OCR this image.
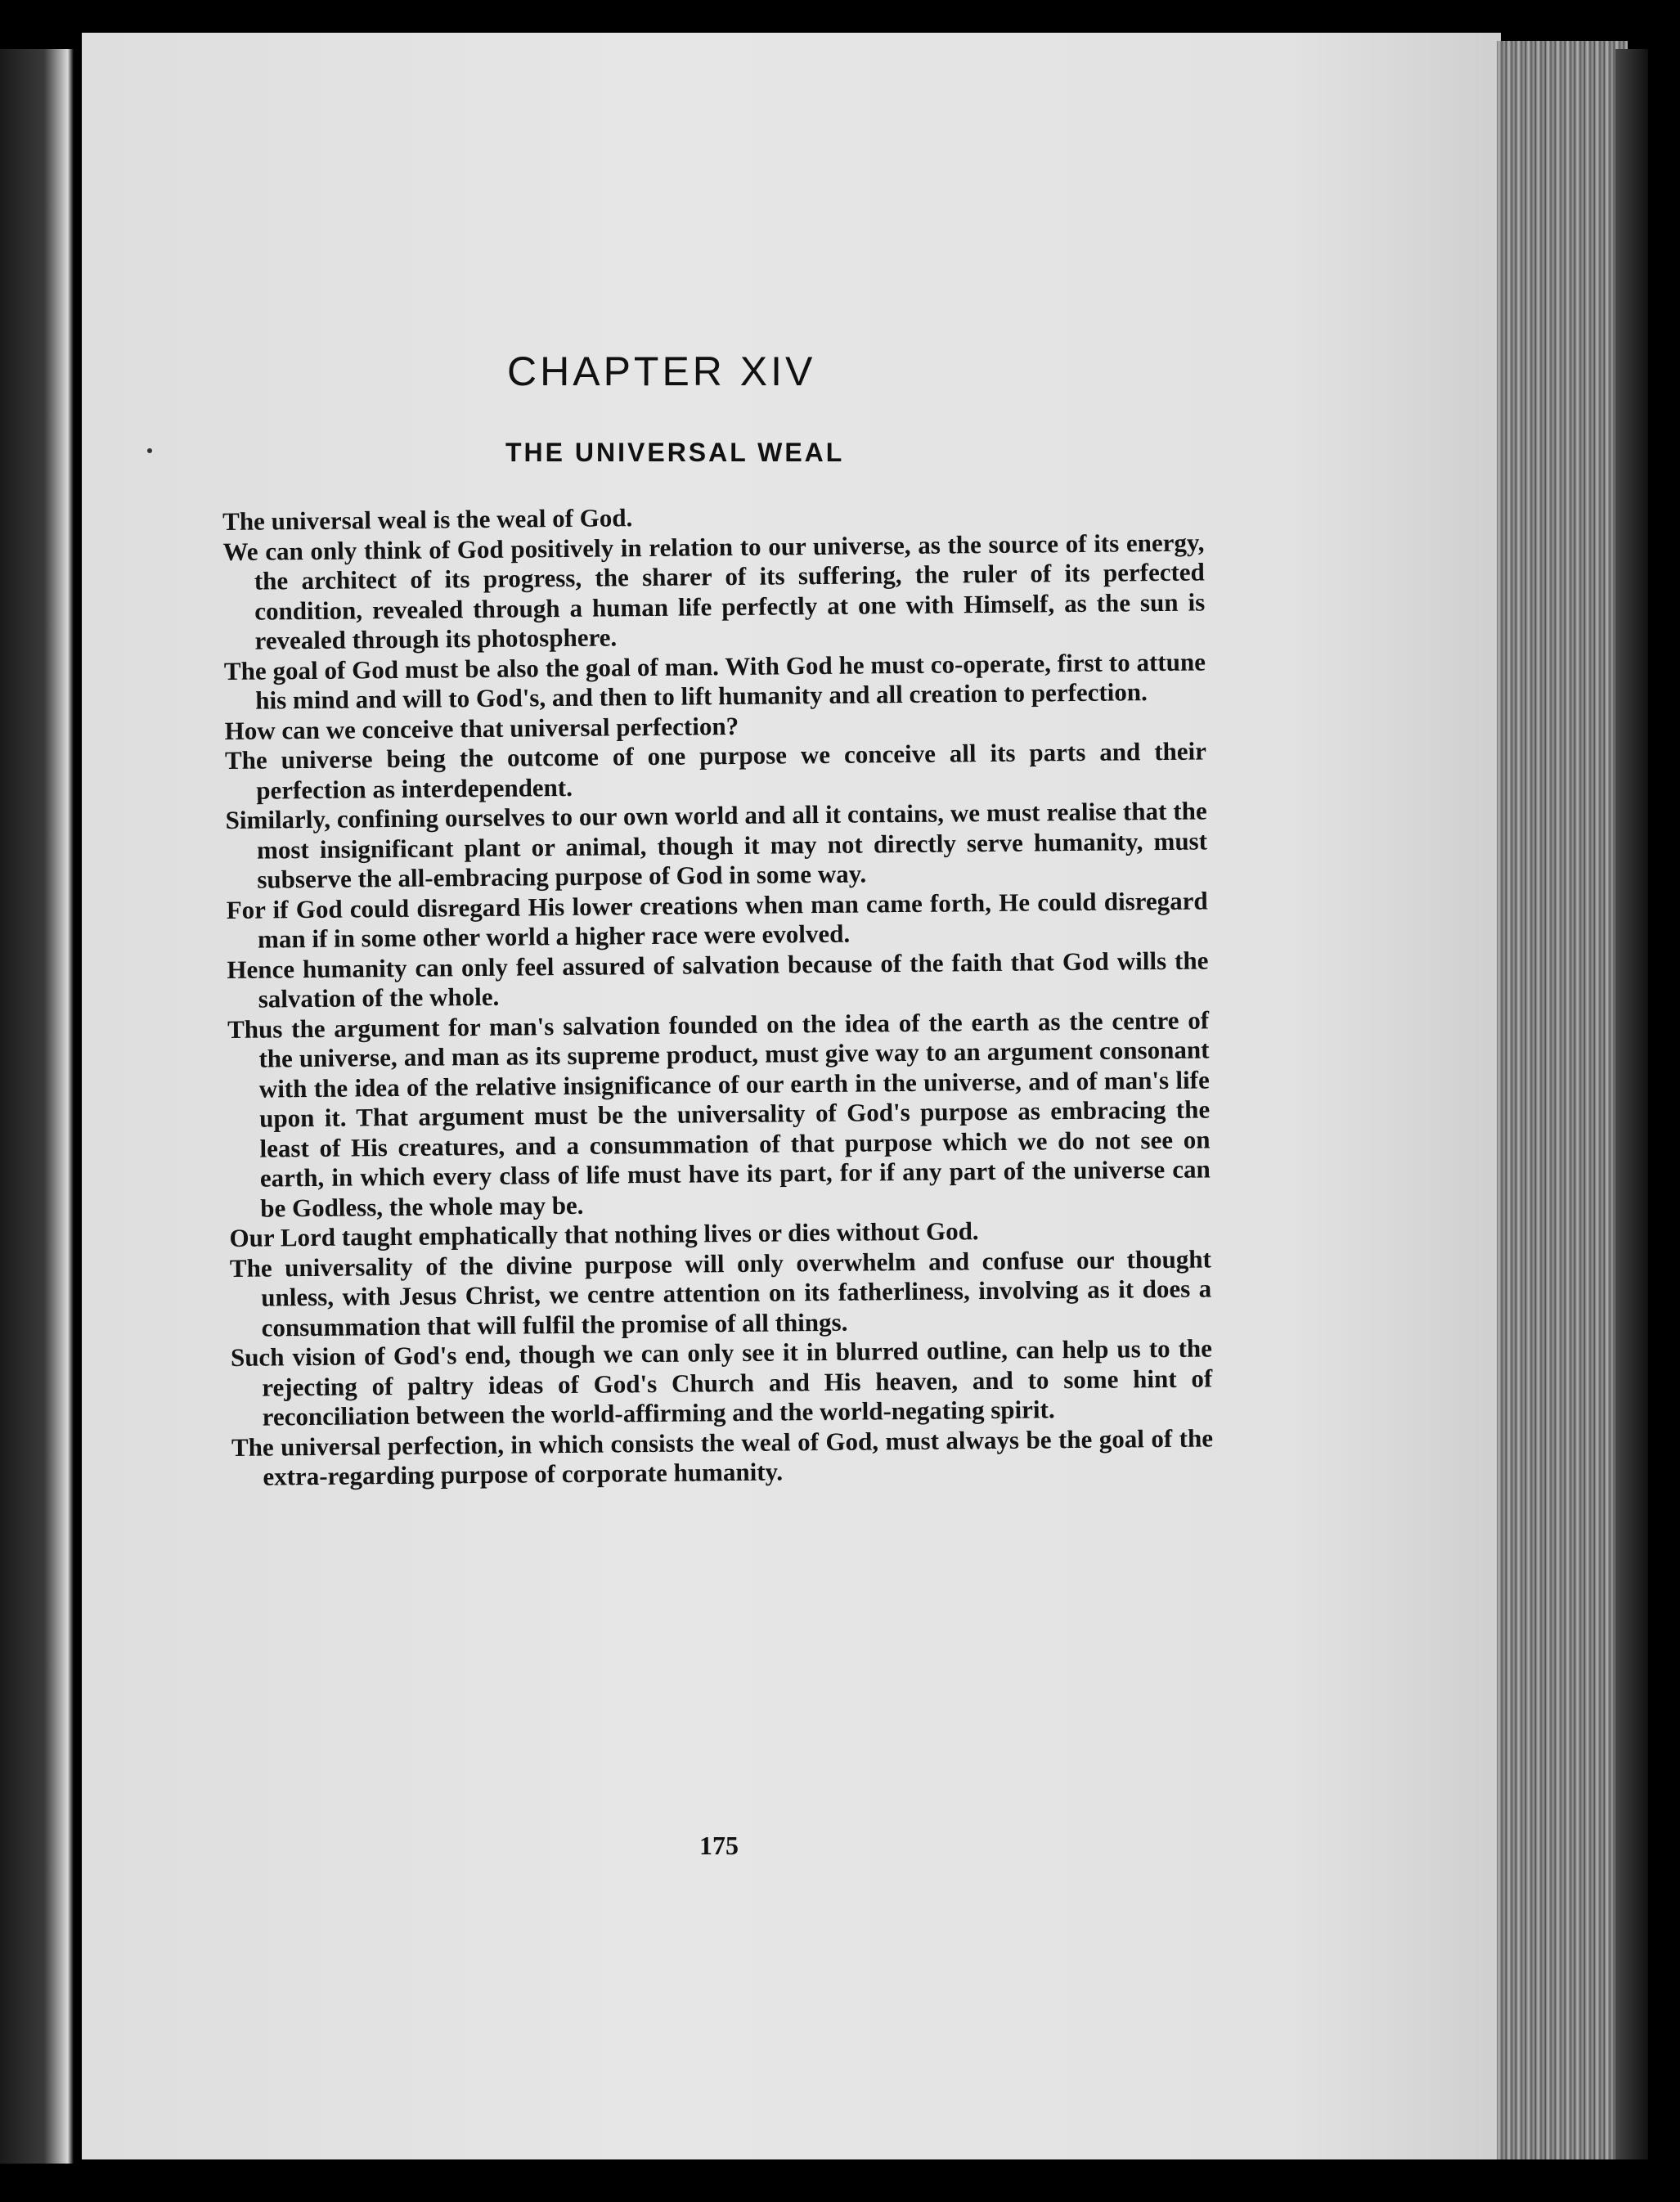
CHAPTER XIV
THE UNIVERSAL WEAL

The universal weal is the weal of God.

We can only think of God positively in relation to our universe, as the source of its energy, the architect of its progress, the sharer of its suffering, the ruler of its perfected condition, revealed through a human life perfectly at one with Himself, as the sun is revealed through its photosphere.

The goal of God must be also the goal of man. With God he must co-operate, first to attune his mind and will to God's, and then to lift humanity and all creation to perfection.

How can we conceive that universal perfection?

The universe being the outcome of one purpose we conceive all its parts and their perfection as interdependent.

Similarly, confining ourselves to our own world and all it contains, we must realise that the most insignificant plant or animal, though it may not directly serve humanity, must subserve the all-embracing purpose of God in some way.

For if God could disregard His lower creations when man came forth, He could disregard man if in some other world a higher race were evolved.

Hence humanity can only feel assured of salvation because of the faith that God wills the salvation of the whole.

Thus the argument for man's salvation founded on the idea of the earth as the centre of the universe, and man as its supreme product, must give way to an argument consonant with the idea of the relative insignificance of our earth in the universe, and of man's life upon it. That argument must be the universality of God's purpose as embracing the least of His creatures, and a consummation of that purpose which we do not see on earth, in which every class of life must have its part, for if any part of the universe can be Godless, the whole may be.

Our Lord taught emphatically that nothing lives or dies without God.

The universality of the divine purpose will only overwhelm and confuse our thought unless, with Jesus Christ, we centre attention on its fatherliness, involving as it does a consummation that will fulfil the promise of all things.

Such vision of God's end, though we can only see it in blurred outline, can help us to the rejecting of paltry ideas of God's Church and His heaven, and to some hint of reconciliation between the world-affirming and the world-negating spirit.

The universal perfection, in which consists the weal of God, must always be the goal of the extra-regarding purpose of corporate humanity.

175
